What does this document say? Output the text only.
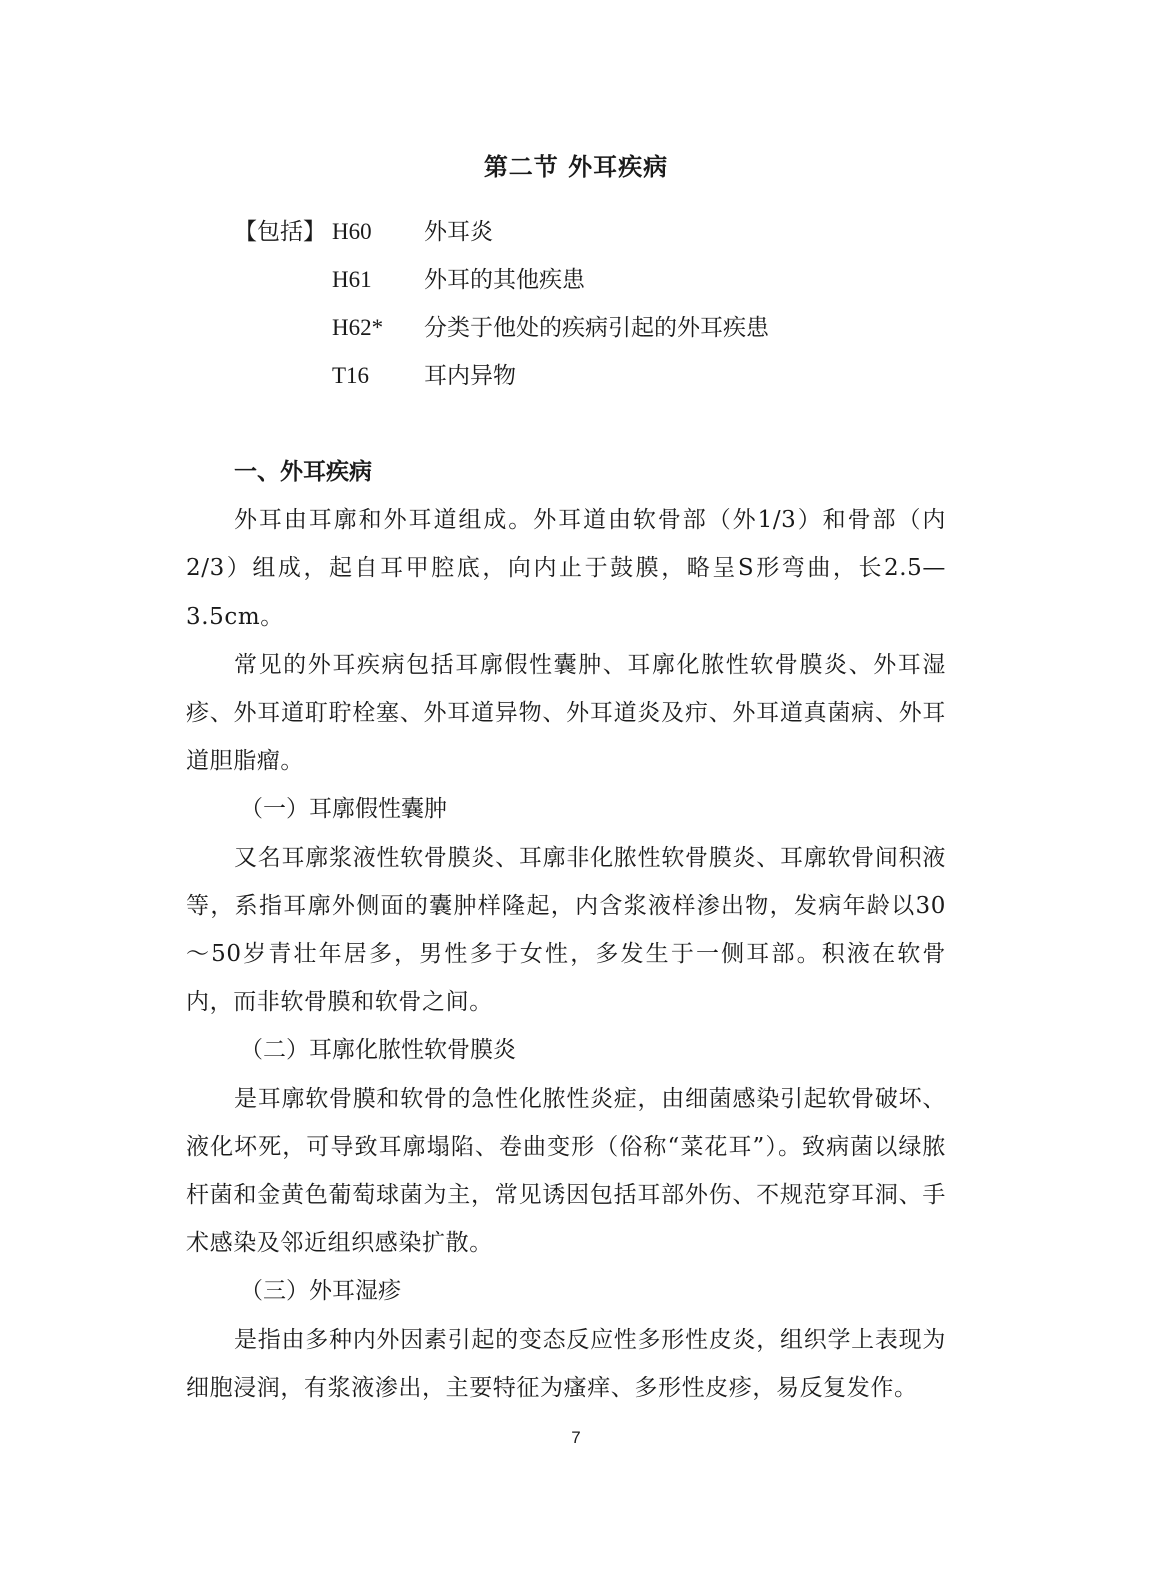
第二节 外耳疾病
【包括】 H60 外耳炎
H61 外耳的其他疾患
H62* 分类于他处的疾病引起的外耳疾患
T16 耳内异物
一、外耳疾病

外耳由耳廓和外耳道组成。外耳道由软骨部（外1/3）和骨部（内2/3）组成，起自耳甲腔底，向内止于鼓膜，略呈S形弯曲，长2.5—3.5cm。

常见的外耳疾病包括耳廓假性囊肿、耳廓化脓性软骨膜炎、外耳湿疹、外耳道耵聍栓塞、外耳道异物、外耳道炎及疖、外耳道真菌病、外耳道胆脂瘤。

（一）耳廓假性囊肿

又名耳廓浆液性软骨膜炎、耳廓非化脓性软骨膜炎、耳廓软骨间积液等，系指耳廓外侧面的囊肿样隆起，内含浆液样渗出物，发病年龄以30～50岁青壮年居多，男性多于女性，多发生于一侧耳部。积液在软骨内，而非软骨膜和软骨之间。

（二）耳廓化脓性软骨膜炎

是耳廓软骨膜和软骨的急性化脓性炎症，由细菌感染引起软骨破坏、液化坏死，可导致耳廓塌陷、卷曲变形（俗称“菜花耳”）。致病菌以绿脓杆菌和金黄色葡萄球菌为主，常见诱因包括耳部外伤、不规范穿耳洞、手术感染及邻近组织感染扩散。

（三）外耳湿疹

是指由多种内外因素引起的变态反应性多形性皮炎，组织学上表现为细胞浸润，有浆液渗出，主要特征为瘙痒、多形性皮疹，易反复发作。

7
